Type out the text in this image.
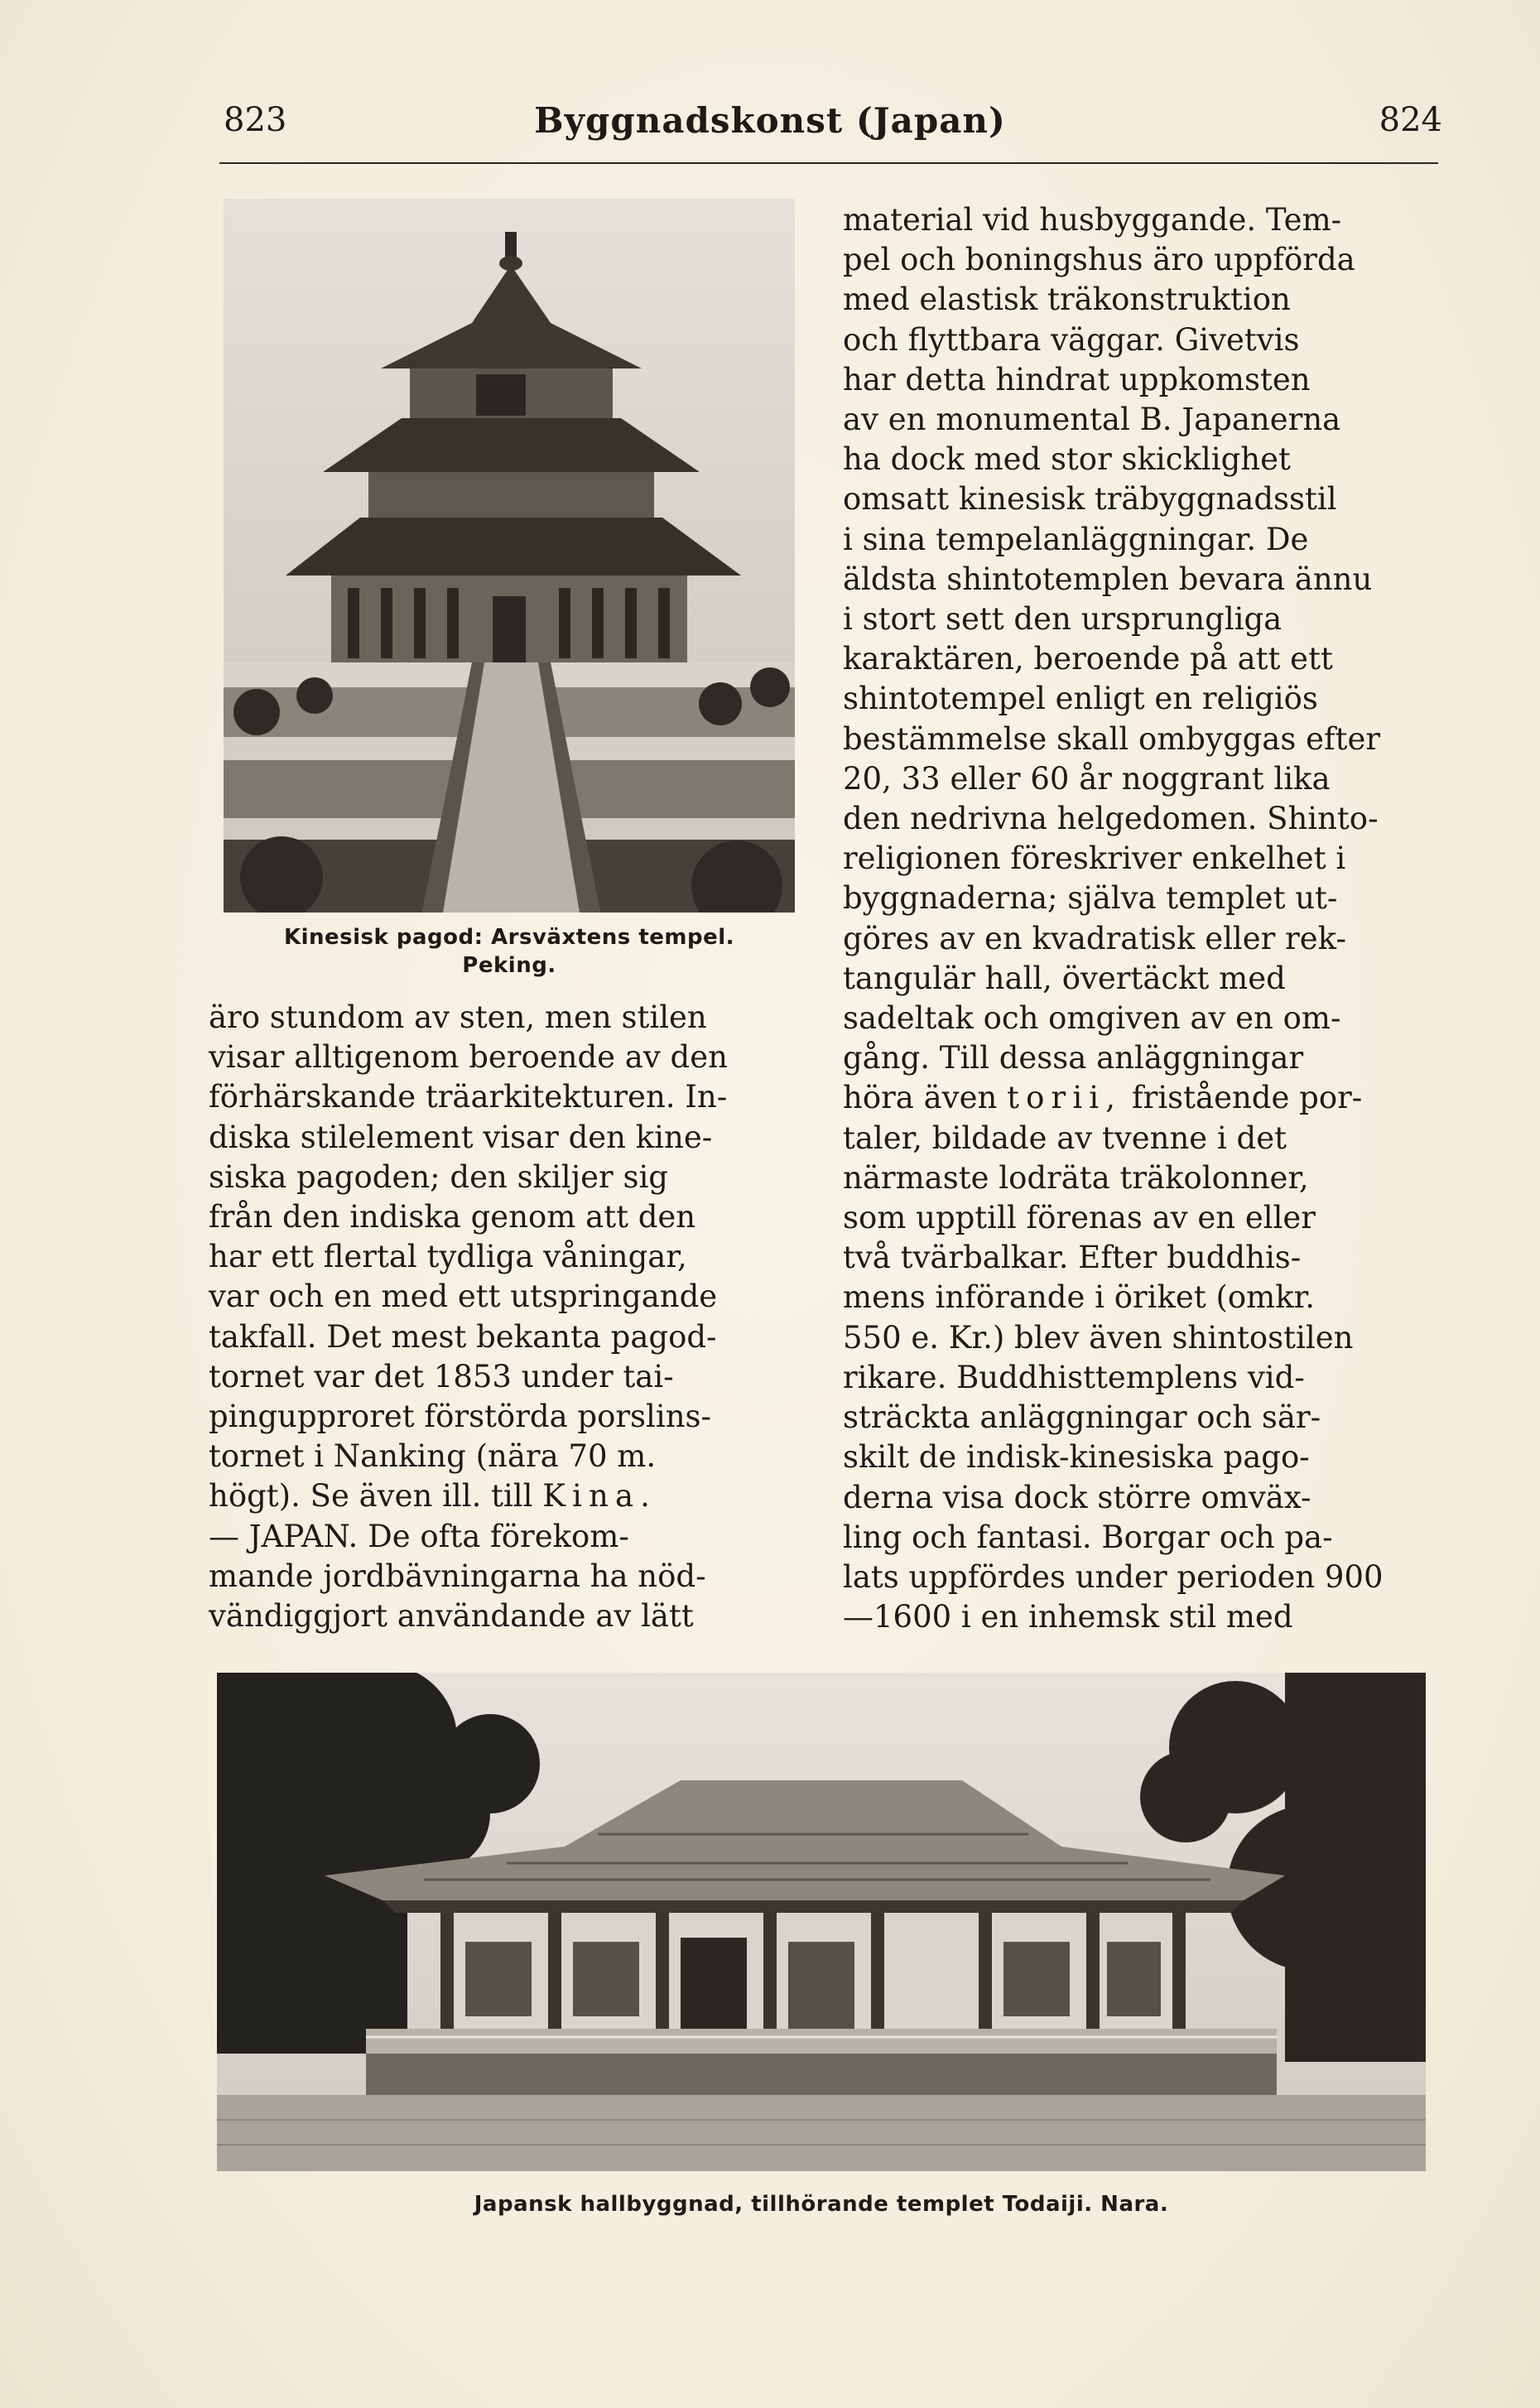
823	Byggnadskonst (Japan)	824
Kinesisk pagod: Arsväxtens tempel.
Peking.

äro stundom av sten, men stilen

visar alltigenom beroende av den

förhärskande träarkitekturen. In-

diska stilelement visar den kine-

siska pagoden; den skiljer sig

från den indiska genom att den

har ett flertal tydliga våningar,

var och en med ett utspringande

takfall. Det mest bekanta pagod-

tornet var det 1853 under tai-

pingupproret förstörda porslins-

tornet i Nanking (nära 70 m.

högt). Se även ill. till Kina.

— JAPAN. De ofta förekom-

mande jordbävningarna ha nöd-

vändiggjort användande av lätt

material vid husbyggande. Tem-

pel och boningshus äro uppförda

med elastisk träkonstruktion

och flyttbara väggar. Givetvis

har detta hindrat uppkomsten

av en monumental B. Japanerna

ha dock med stor skicklighet

omsatt kinesisk träbyggnadsstil

i sina tempelanläggningar. De

äldsta shintotemplen bevara ännu

i stort sett den ursprungliga

karaktären, beroende på att ett

shintotempel enligt en religiös

bestämmelse skall ombyggas efter

20, 33 eller 60 år noggrant lika

den nedrivna helgedomen. Shinto-

religionen föreskriver enkelhet i

byggnaderna; själva templet ut-

göres av en kvadratisk eller rek-

tangulär hall, övertäckt med

sadeltak och omgiven av en om-

gång. Till dessa anläggningar

höra även torii, fristående por-

taler, bildade av tvenne i det

närmaste lodräta träkolonner,

som upptill förenas av en eller

två tvärbalkar. Efter buddhis-

mens införande i öriket (omkr.

550 e. Kr.) blev även shintostilen

rikare. Buddhisttemplens vid-

sträckta anläggningar och sär-

skilt de indisk-kinesiska pago-

derna visa dock större omväx-

ling och fantasi. Borgar och pa-

lats uppfördes under perioden 900

—1600 i en inhemsk stil med

Japansk hallbyggnad, tillhörande templet Todaiji. Nara.
